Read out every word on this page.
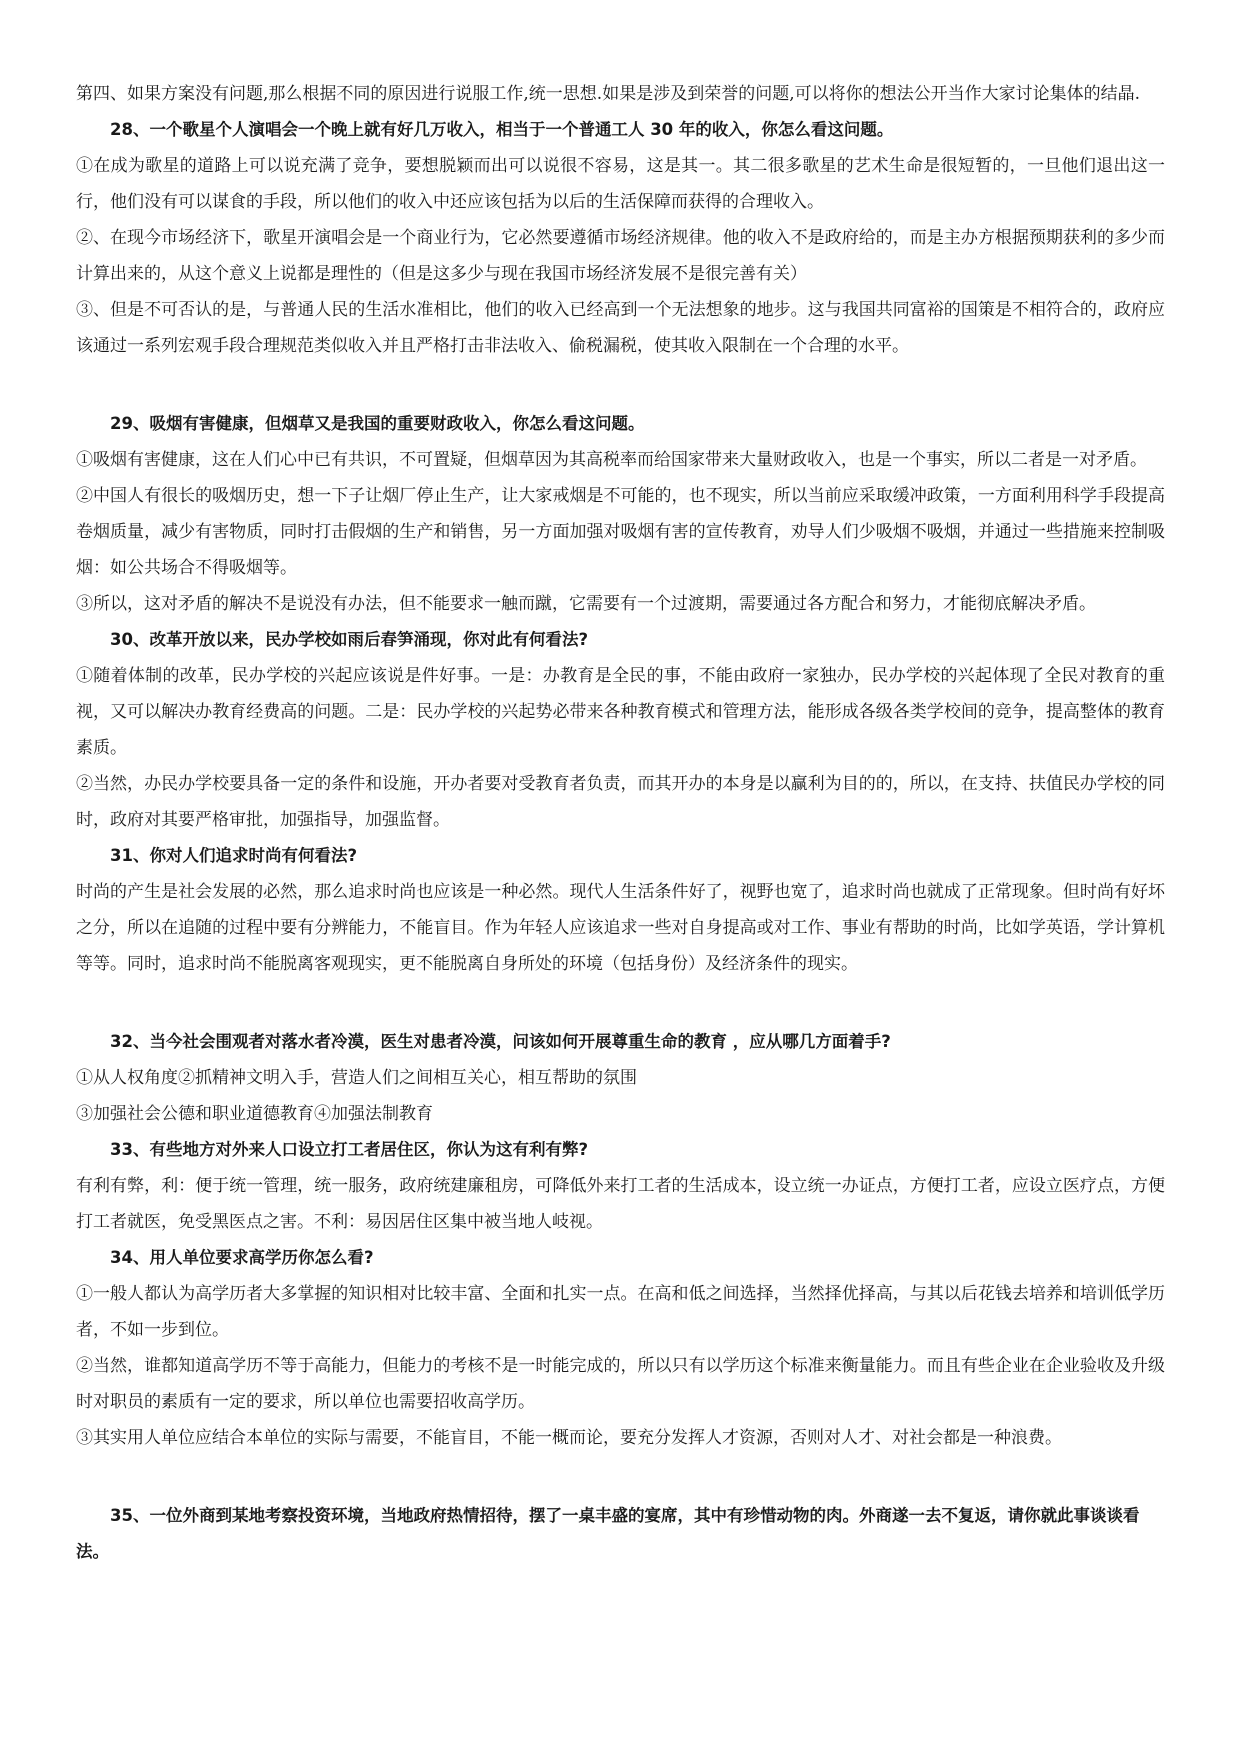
第四、如果方案没有问题,那么根据不同的原因进行说服工作,统一思想.如果是涉及到荣誉的问题,可以将你的想法公开当作大家讨论集体的结晶.

28、一个歌星个人演唱会一个晚上就有好几万收入，相当于一个普通工人 30 年的收入，你怎么看这问题。

①在成为歌星的道路上可以说充满了竞争，要想脱颖而出可以说很不容易，这是其一。其二很多歌星的艺术生命是很短暂的，一旦他们退出这一行，他们没有可以谋食的手段，所以他们的收入中还应该包括为以后的生活保障而获得的合理收入。

②、在现今市场经济下，歌星开演唱会是一个商业行为，它必然要遵循市场经济规律。他的收入不是政府给的，而是主办方根据预期获利的多少而计算出来的，从这个意义上说都是理性的（但是这多少与现在我国市场经济发展不是很完善有关）

③、但是不可否认的是，与普通人民的生活水准相比，他们的收入已经高到一个无法想象的地步。这与我国共同富裕的国策是不相符合的，政府应该通过一系列宏观手段合理规范类似收入并且严格打击非法收入、偷税漏税，使其收入限制在一个合理的水平。

29、吸烟有害健康，但烟草又是我国的重要财政收入，你怎么看这问题。

①吸烟有害健康，这在人们心中已有共识，不可置疑，但烟草因为其高税率而给国家带来大量财政收入，也是一个事实，所以二者是一对矛盾。

②中国人有很长的吸烟历史，想一下子让烟厂停止生产，让大家戒烟是不可能的，也不现实，所以当前应采取缓冲政策，一方面利用科学手段提高卷烟质量，减少有害物质，同时打击假烟的生产和销售，另一方面加强对吸烟有害的宣传教育，劝导人们少吸烟不吸烟，并通过一些措施来控制吸烟：如公共场合不得吸烟等。

③所以，这对矛盾的解决不是说没有办法，但不能要求一触而蹴，它需要有一个过渡期，需要通过各方配合和努力，才能彻底解决矛盾。

30、改革开放以来，民办学校如雨后春笋涌现，你对此有何看法?

①随着体制的改革，民办学校的兴起应该说是件好事。一是：办教育是全民的事，不能由政府一家独办，民办学校的兴起体现了全民对教育的重视，又可以解决办教育经费高的问题。二是：民办学校的兴起势必带来各种教育模式和管理方法，能形成各级各类学校间的竞争，提高整体的教育素质。

②当然，办民办学校要具备一定的条件和设施，开办者要对受教育者负责，而其开办的本身是以赢利为目的的，所以，在支持、扶值民办学校的同时，政府对其要严格审批，加强指导，加强监督。

31、你对人们追求时尚有何看法?

时尚的产生是社会发展的必然，那么追求时尚也应该是一种必然。现代人生活条件好了，视野也宽了，追求时尚也就成了正常现象。但时尚有好坏之分，所以在追随的过程中要有分辨能力，不能盲目。作为年轻人应该追求一些对自身提高或对工作、事业有帮助的时尚，比如学英语，学计算机等等。同时，追求时尚不能脱离客观现实，更不能脱离自身所处的环境（包括身份）及经济条件的现实。

32、当今社会围观者对落水者冷漠，医生对患者冷漠，问该如何开展尊重生命的教育 ，应从哪几方面着手?

①从人权角度②抓精神文明入手，营造人们之间相互关心，相互帮助的氛围

③加强社会公德和职业道德教育④加强法制教育

33、有些地方对外来人口设立打工者居住区，你认为这有利有弊?

有利有弊，利：便于统一管理，统一服务，政府统建廉租房，可降低外来打工者的生活成本，设立统一办证点，方便打工者，应设立医疗点，方便打工者就医，免受黑医点之害。不利：易因居住区集中被当地人岐视。

34、用人单位要求高学历你怎么看?

①一般人都认为高学历者大多掌握的知识相对比较丰富、全面和扎实一点。在高和低之间选择，当然择优择高，与其以后花钱去培养和培训低学历者，不如一步到位。

②当然，谁都知道高学历不等于高能力，但能力的考核不是一时能完成的，所以只有以学历这个标准来衡量能力。而且有些企业在企业验收及升级时对职员的素质有一定的要求，所以单位也需要招收高学历。

③其实用人单位应结合本单位的实际与需要，不能盲目，不能一概而论，要充分发挥人才资源，否则对人才、对社会都是一种浪费。

35、一位外商到某地考察投资环境，当地政府热情招待，摆了一桌丰盛的宴席，其中有珍惜动物的肉。外商遂一去不复返，请你就此事谈谈看法。
